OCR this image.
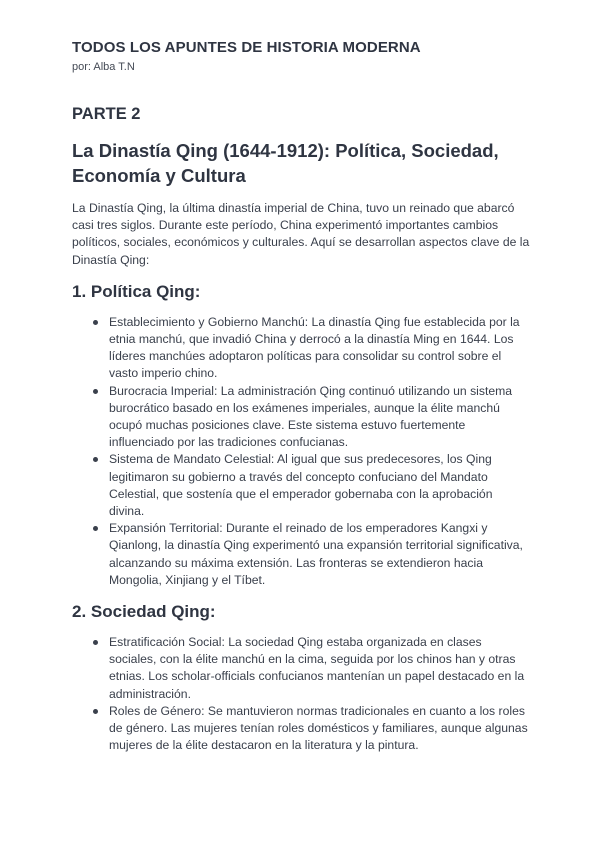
TODOS LOS APUNTES DE HISTORIA MODERNA
por: Alba T.N
PARTE 2
La Dinastía Qing (1644-1912): Política, Sociedad, Economía y Cultura
La Dinastía Qing, la última dinastía imperial de China, tuvo un reinado que abarcó casi tres siglos. Durante este período, China experimentó importantes cambios políticos, sociales, económicos y culturales. Aquí se desarrollan aspectos clave de la Dinastía Qing:
1. Política Qing:
Establecimiento y Gobierno Manchú: La dinastía Qing fue establecida por la etnia manchú, que invadió China y derrocó a la dinastía Ming en 1644. Los líderes manchúes adoptaron políticas para consolidar su control sobre el vasto imperio chino.
Burocracia Imperial: La administración Qing continuó utilizando un sistema burocrático basado en los exámenes imperiales, aunque la élite manchú ocupó muchas posiciones clave. Este sistema estuvo fuertemente influenciado por las tradiciones confucianas.
Sistema de Mandato Celestial: Al igual que sus predecesores, los Qing legitimaron su gobierno a través del concepto confuciano del Mandato Celestial, que sostenía que el emperador gobernaba con la aprobación divina.
Expansión Territorial: Durante el reinado de los emperadores Kangxi y Qianlong, la dinastía Qing experimentó una expansión territorial significativa, alcanzando su máxima extensión. Las fronteras se extendieron hacia Mongolia, Xinjiang y el Tíbet.
2. Sociedad Qing:
Estratificación Social: La sociedad Qing estaba organizada en clases sociales, con la élite manchú en la cima, seguida por los chinos han y otras etnias. Los scholar-officials confucianos mantenían un papel destacado en la administración.
Roles de Género: Se mantuvieron normas tradicionales en cuanto a los roles de género. Las mujeres tenían roles domésticos y familiares, aunque algunas mujeres de la élite destacaron en la literatura y la pintura.
